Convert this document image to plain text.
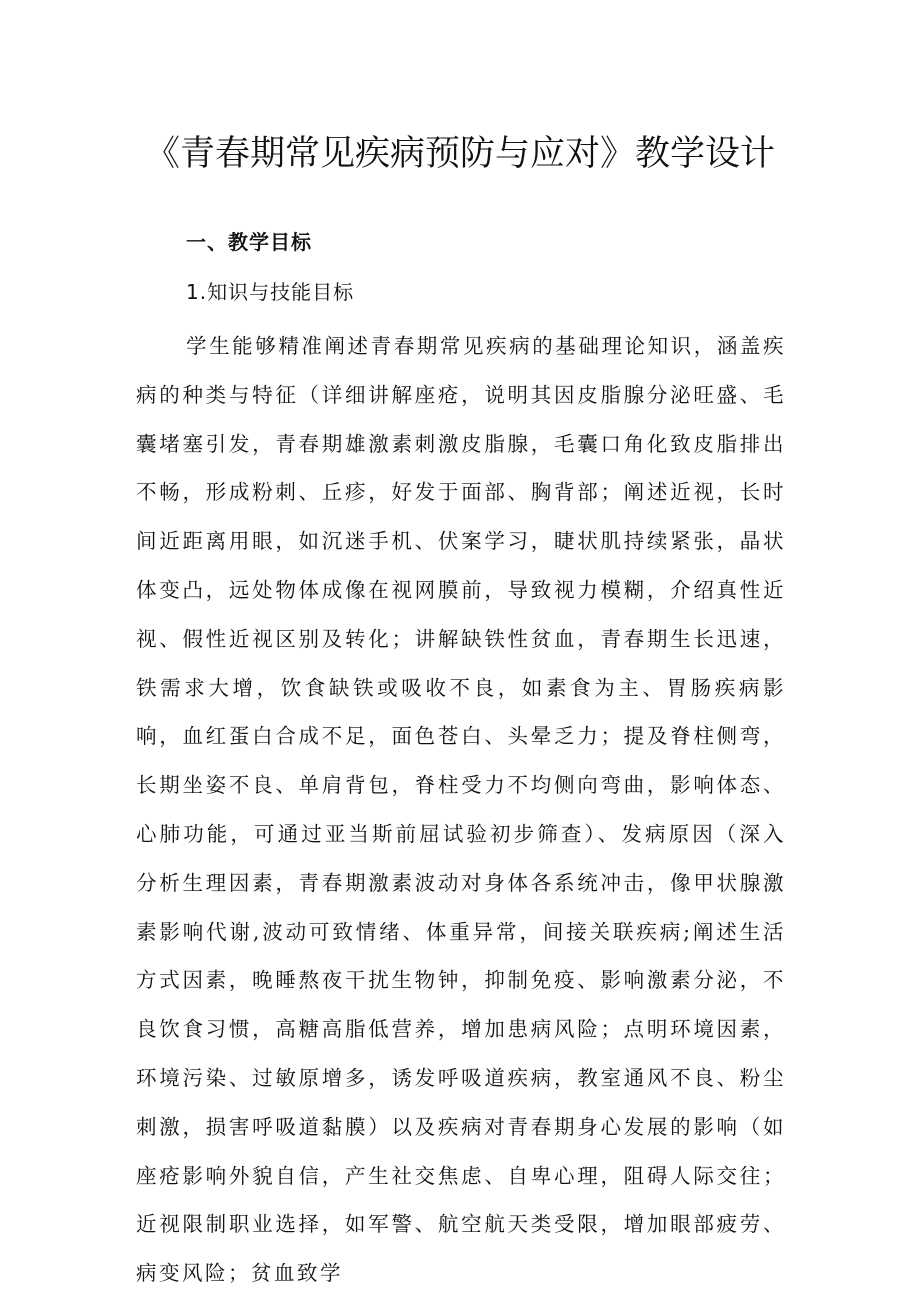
《青春期常见疾病预防与应对》教学设计
一、教学目标
1.知识与技能目标

学生能够精准阐述青春期常见疾病的基础理论知识，涵盖疾病的种类与特征（详细讲解座疮，说明其因皮脂腺分泌旺盛、毛囊堵塞引发，青春期雄激素刺激皮脂腺，毛囊口角化致皮脂排出不畅，形成粉刺、丘疹，好发于面部、胸背部；阐述近视，长时间近距离用眼，如沉迷手机、伏案学习，睫状肌持续紧张，晶状体变凸，远处物体成像在视网膜前，导致视力模糊，介绍真性近视、假性近视区别及转化；讲解缺铁性贫血，青春期生长迅速，铁需求大增，饮食缺铁或吸收不良，如素食为主、胃肠疾病影响，血红蛋白合成不足，面色苍白、头晕乏力；提及脊柱侧弯，长期坐姿不良、单肩背包，脊柱受力不均侧向弯曲，影响体态、心肺功能，可通过亚当斯前屈试验初步筛查）、发病原因（深入分析生理因素，青春期激素波动对身体各系统冲击，像甲状腺激素影响代谢,波动可致情绪、体重异常，间接关联疾病;阐述生活方式因素，晚睡熬夜干扰生物钟，抑制免疫、影响激素分泌，不良饮食习惯，高糖高脂低营养，增加患病风险；点明环境因素，环境污染、过敏原增多，诱发呼吸道疾病，教室通风不良、粉尘刺激，损害呼吸道黏膜）以及疾病对青春期身心发展的影响（如座疮影响外貌自信，产生社交焦虑、自卑心理，阻碍人际交往；近视限制职业选择，如军警、航空航天类受限，增加眼部疲劳、病变风险；贫血致学
